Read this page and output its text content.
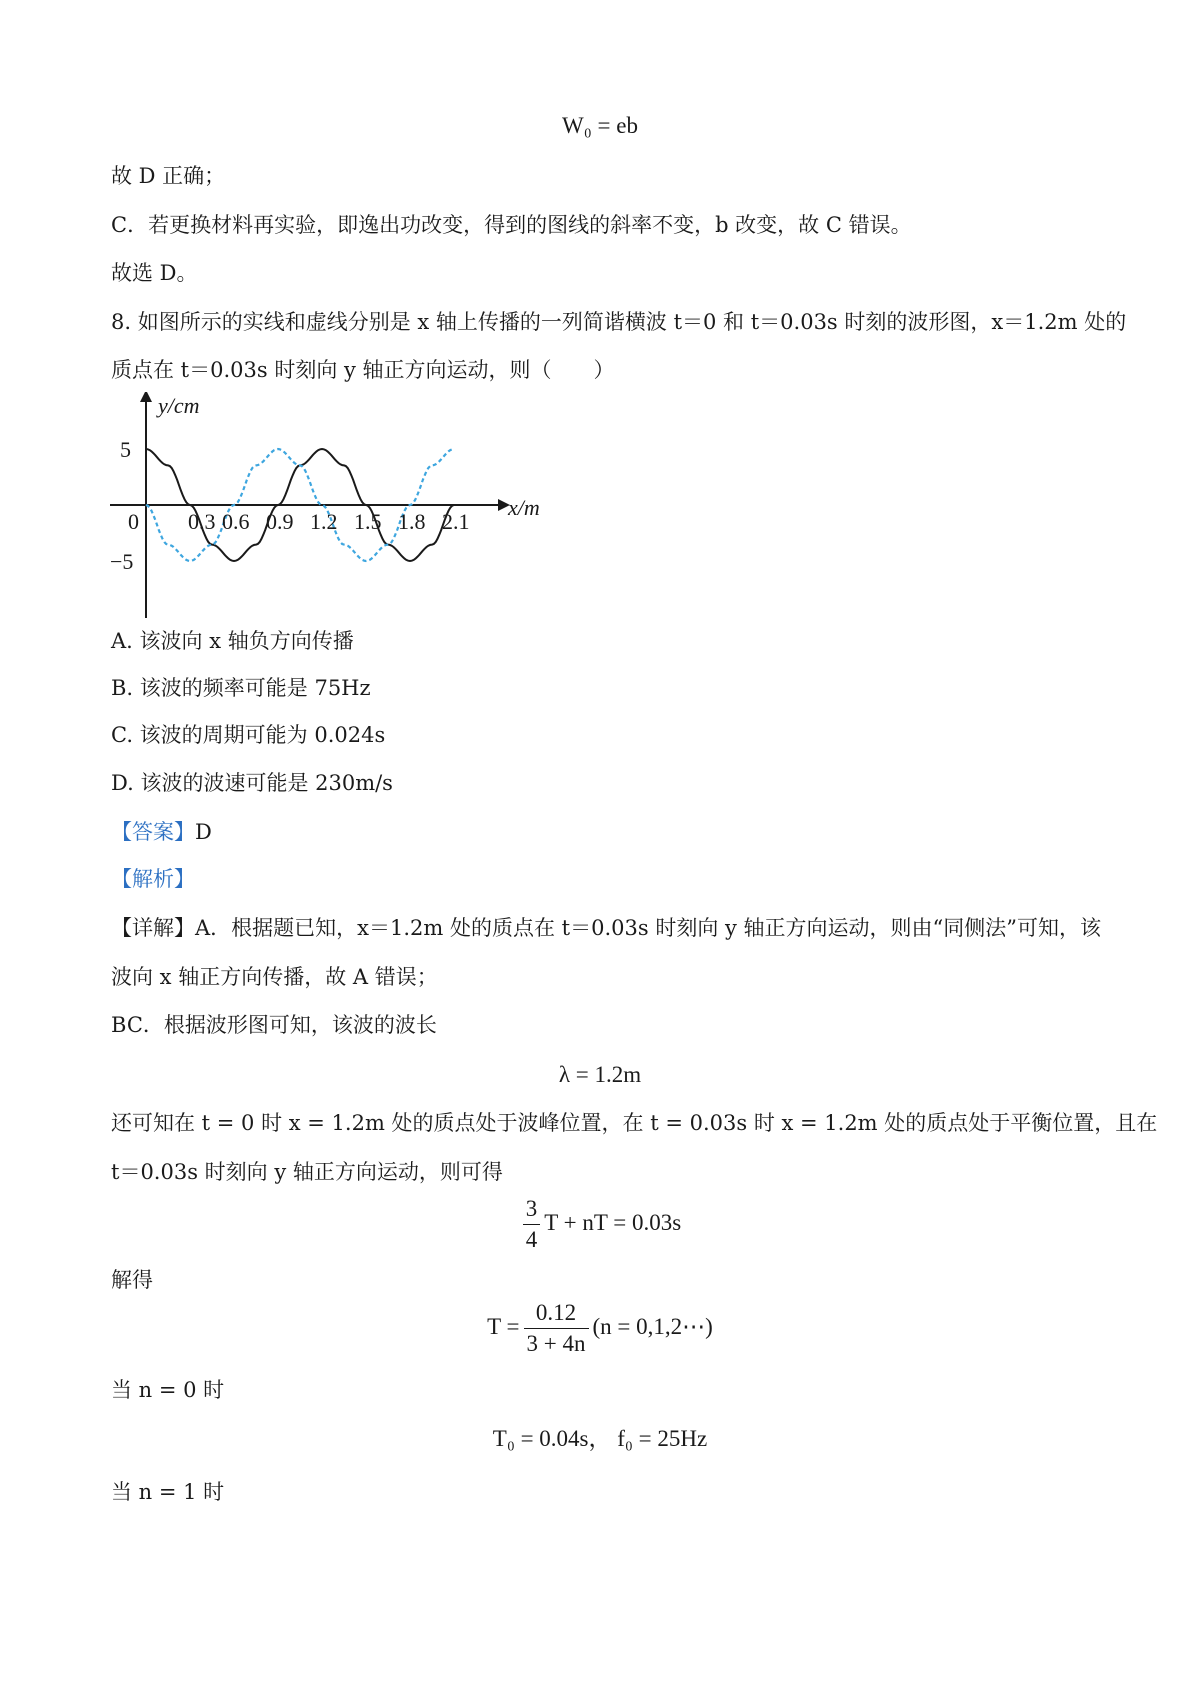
W₀ = eb
故 D 正确；
C．若更换材料再实验，即逸出功改变，得到的图线的斜率不变，b 改变，故 C 错误。
故选 D。
8. 如图所示的实线和虚线分别是 x 轴上传播的一列简谐横波 t＝0 和 t＝0.03s 时刻的波形图，x＝1.2m 处的
质点在 t＝0.03s 时刻向 y 轴正方向运动，则（　　）
y/cm
x/m
5
−5
0 0.3 0.6 0.9 1.2 1.5 1.8 2.1
A. 该波向 x 轴负方向传播
B. 该波的频率可能是 75Hz
C. 该波的周期可能为 0.024s
D. 该波的波速可能是 230m/s
【答案】D
【解析】
【详解】A．根据题已知，x＝1.2m 处的质点在 t＝0.03s 时刻向 y 轴正方向运动，则由“同侧法”可知，该
波向 x 轴正方向传播，故 A 错误；
BC．根据波形图可知，该波的波长
λ = 1.2m
还可知在 t = 0 时 x = 1.2m 处的质点处于波峰位置，在 t = 0.03s 时 x = 1.2m 处的质点处于平衡位置，且在
t＝0.03s 时刻向 y 轴正方向运动，则可得
$\frac{3}{4}$ T + nT = 0.03s
解得
$T = \frac{0.12}{3 + 4n} (n$ = 0,1,2⋯)
当 n = 0 时
T₀ = 0.04s， f₀ = 25Hz
当 n = 1 时
